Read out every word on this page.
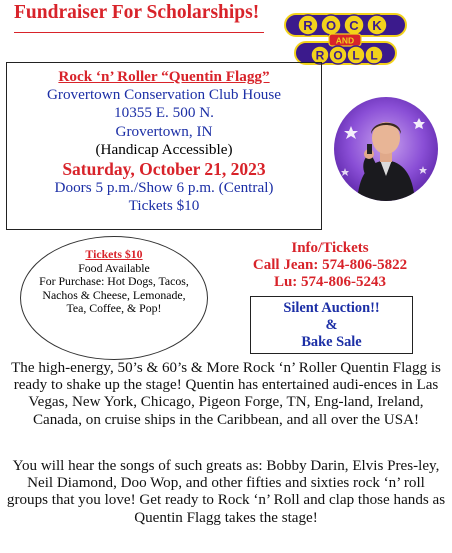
Fundraiser For Scholarships!
R O C K
AND
R O L L
Rock ‘n’ Roller “Quentin Flagg”
Grovertown Conservation Club House
10355 E. 500 N.
Grovertown, IN
(Handicap Accessible)
Saturday, October 21, 2023
Doors 5 p.m./Show 6 p.m. (Central)
Tickets $10
Tickets $10
Food Available
For Purchase: Hot Dogs, Tacos, Nachos & Cheese, Lemonade, Tea, Coffee, & Pop!
Info/Tickets
Call Jean: 574-806-5822
Lu: 574-806-5243
Silent Auction!!
&
Bake Sale
The high-energy, 50’s & 60’s & More Rock ‘n’ Roller Quentin Flagg is ready to shake up the stage! Quentin has entertained audi-ences in Las Vegas, New York, Chicago, Pigeon Forge, TN, Eng-land, Ireland, Canada, on cruise ships in the Caribbean, and all over the USA!
You will hear the songs of such greats as: Bobby Darin, Elvis Pres-ley, Neil Diamond, Doo Wop, and other fifties and sixties rock ‘n’ roll groups that you love! Get ready to Rock ‘n’ Roll and clap those hands as Quentin Flagg takes the stage!
